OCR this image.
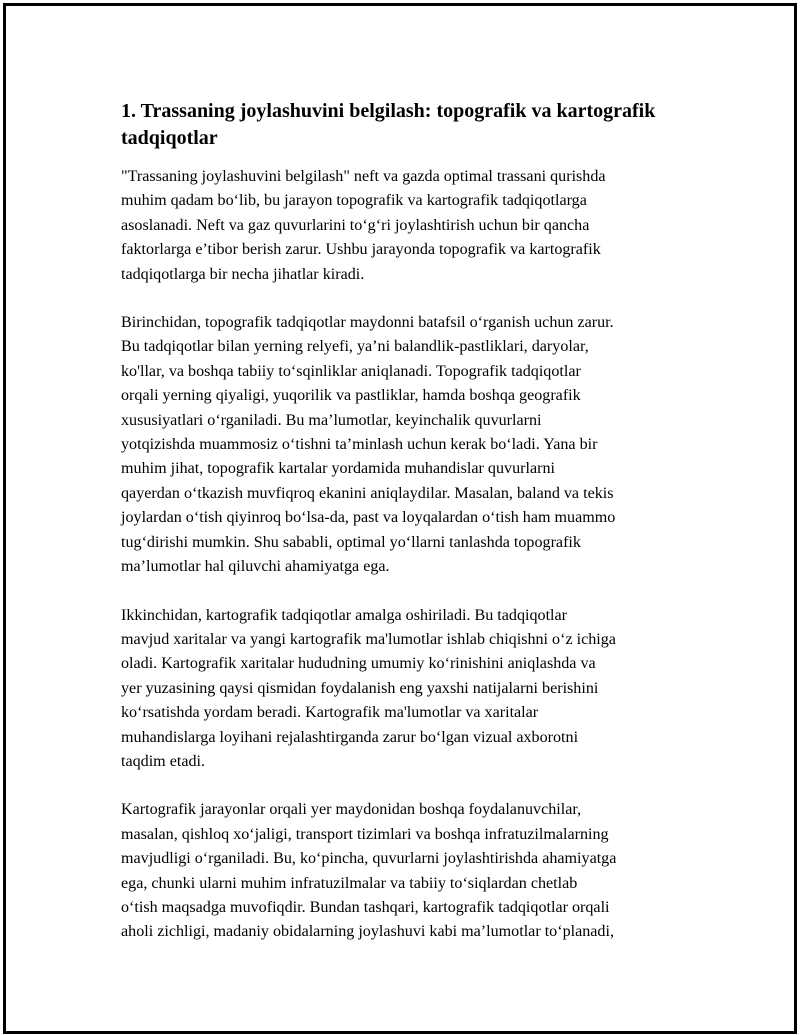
1. Trassaning joylashuvini belgilash: topografik va kartografik
tadqiqotlar

"Trassaning joylashuvini belgilash" neft va gazda optimal trassani qurishda
muhim qadam bo‘lib, bu jarayon topografik va kartografik tadqiqotlarga
asoslanadi. Neft va gaz quvurlarini to‘g‘ri joylashtirish uchun bir qancha
faktorlarga e’tibor berish zarur. Ushbu jarayonda topografik va kartografik
tadqiqotlarga bir necha jihatlar kiradi.

Birinchidan, topografik tadqiqotlar maydonni batafsil o‘rganish uchun zarur.
Bu tadqiqotlar bilan yerning relyefi, ya’ni balandlik-pastliklari, daryolar,
ko'llar, va boshqa tabiiy to‘sqinliklar aniqlanadi. Topografik tadqiqotlar
orqali yerning qiyaligi, yuqorilik va pastliklar, hamda boshqa geografik
xususiyatlari o‘rganiladi. Bu ma’lumotlar, keyinchalik quvurlarni
yotqizishda muammosiz o‘tishni ta’minlash uchun kerak bo‘ladi. Yana bir
muhim jihat, topografik kartalar yordamida muhandislar quvurlarni
qayerdan o‘tkazish muvfiqroq ekanini aniqlaydilar. Masalan, baland va tekis
joylardan o‘tish qiyinroq bo‘lsa-da, past va loyqalardan o‘tish ham muammo
tug‘dirishi mumkin. Shu sababli, optimal yo‘llarni tanlashda topografik
ma’lumotlar hal qiluvchi ahamiyatga ega.

Ikkinchidan, kartografik tadqiqotlar amalga oshiriladi. Bu tadqiqotlar
mavjud xaritalar va yangi kartografik ma'lumotlar ishlab chiqishni o‘z ichiga
oladi. Kartografik xaritalar hududning umumiy ko‘rinishini aniqlashda va
yer yuzasining qaysi qismidan foydalanish eng yaxshi natijalarni berishini
ko‘rsatishda yordam beradi. Kartografik ma'lumotlar va xaritalar
muhandislarga loyihani rejalashtirganda zarur bo‘lgan vizual axborotni
taqdim etadi.

Kartografik jarayonlar orqali yer maydonidan boshqa foydalanuvchilar,
masalan, qishloq xo‘jaligi, transport tizimlari va boshqa infratuzilmalarning
mavjudligi o‘rganiladi. Bu, ko‘pincha, quvurlarni joylashtirishda ahamiyatga
ega, chunki ularni muhim infratuzilmalar va tabiiy to‘siqlardan chetlab
o‘tish maqsadga muvofiqdir. Bundan tashqari, kartografik tadqiqotlar orqali
aholi zichligi, madaniy obidalarning joylashuvi kabi ma’lumotlar to‘planadi,
